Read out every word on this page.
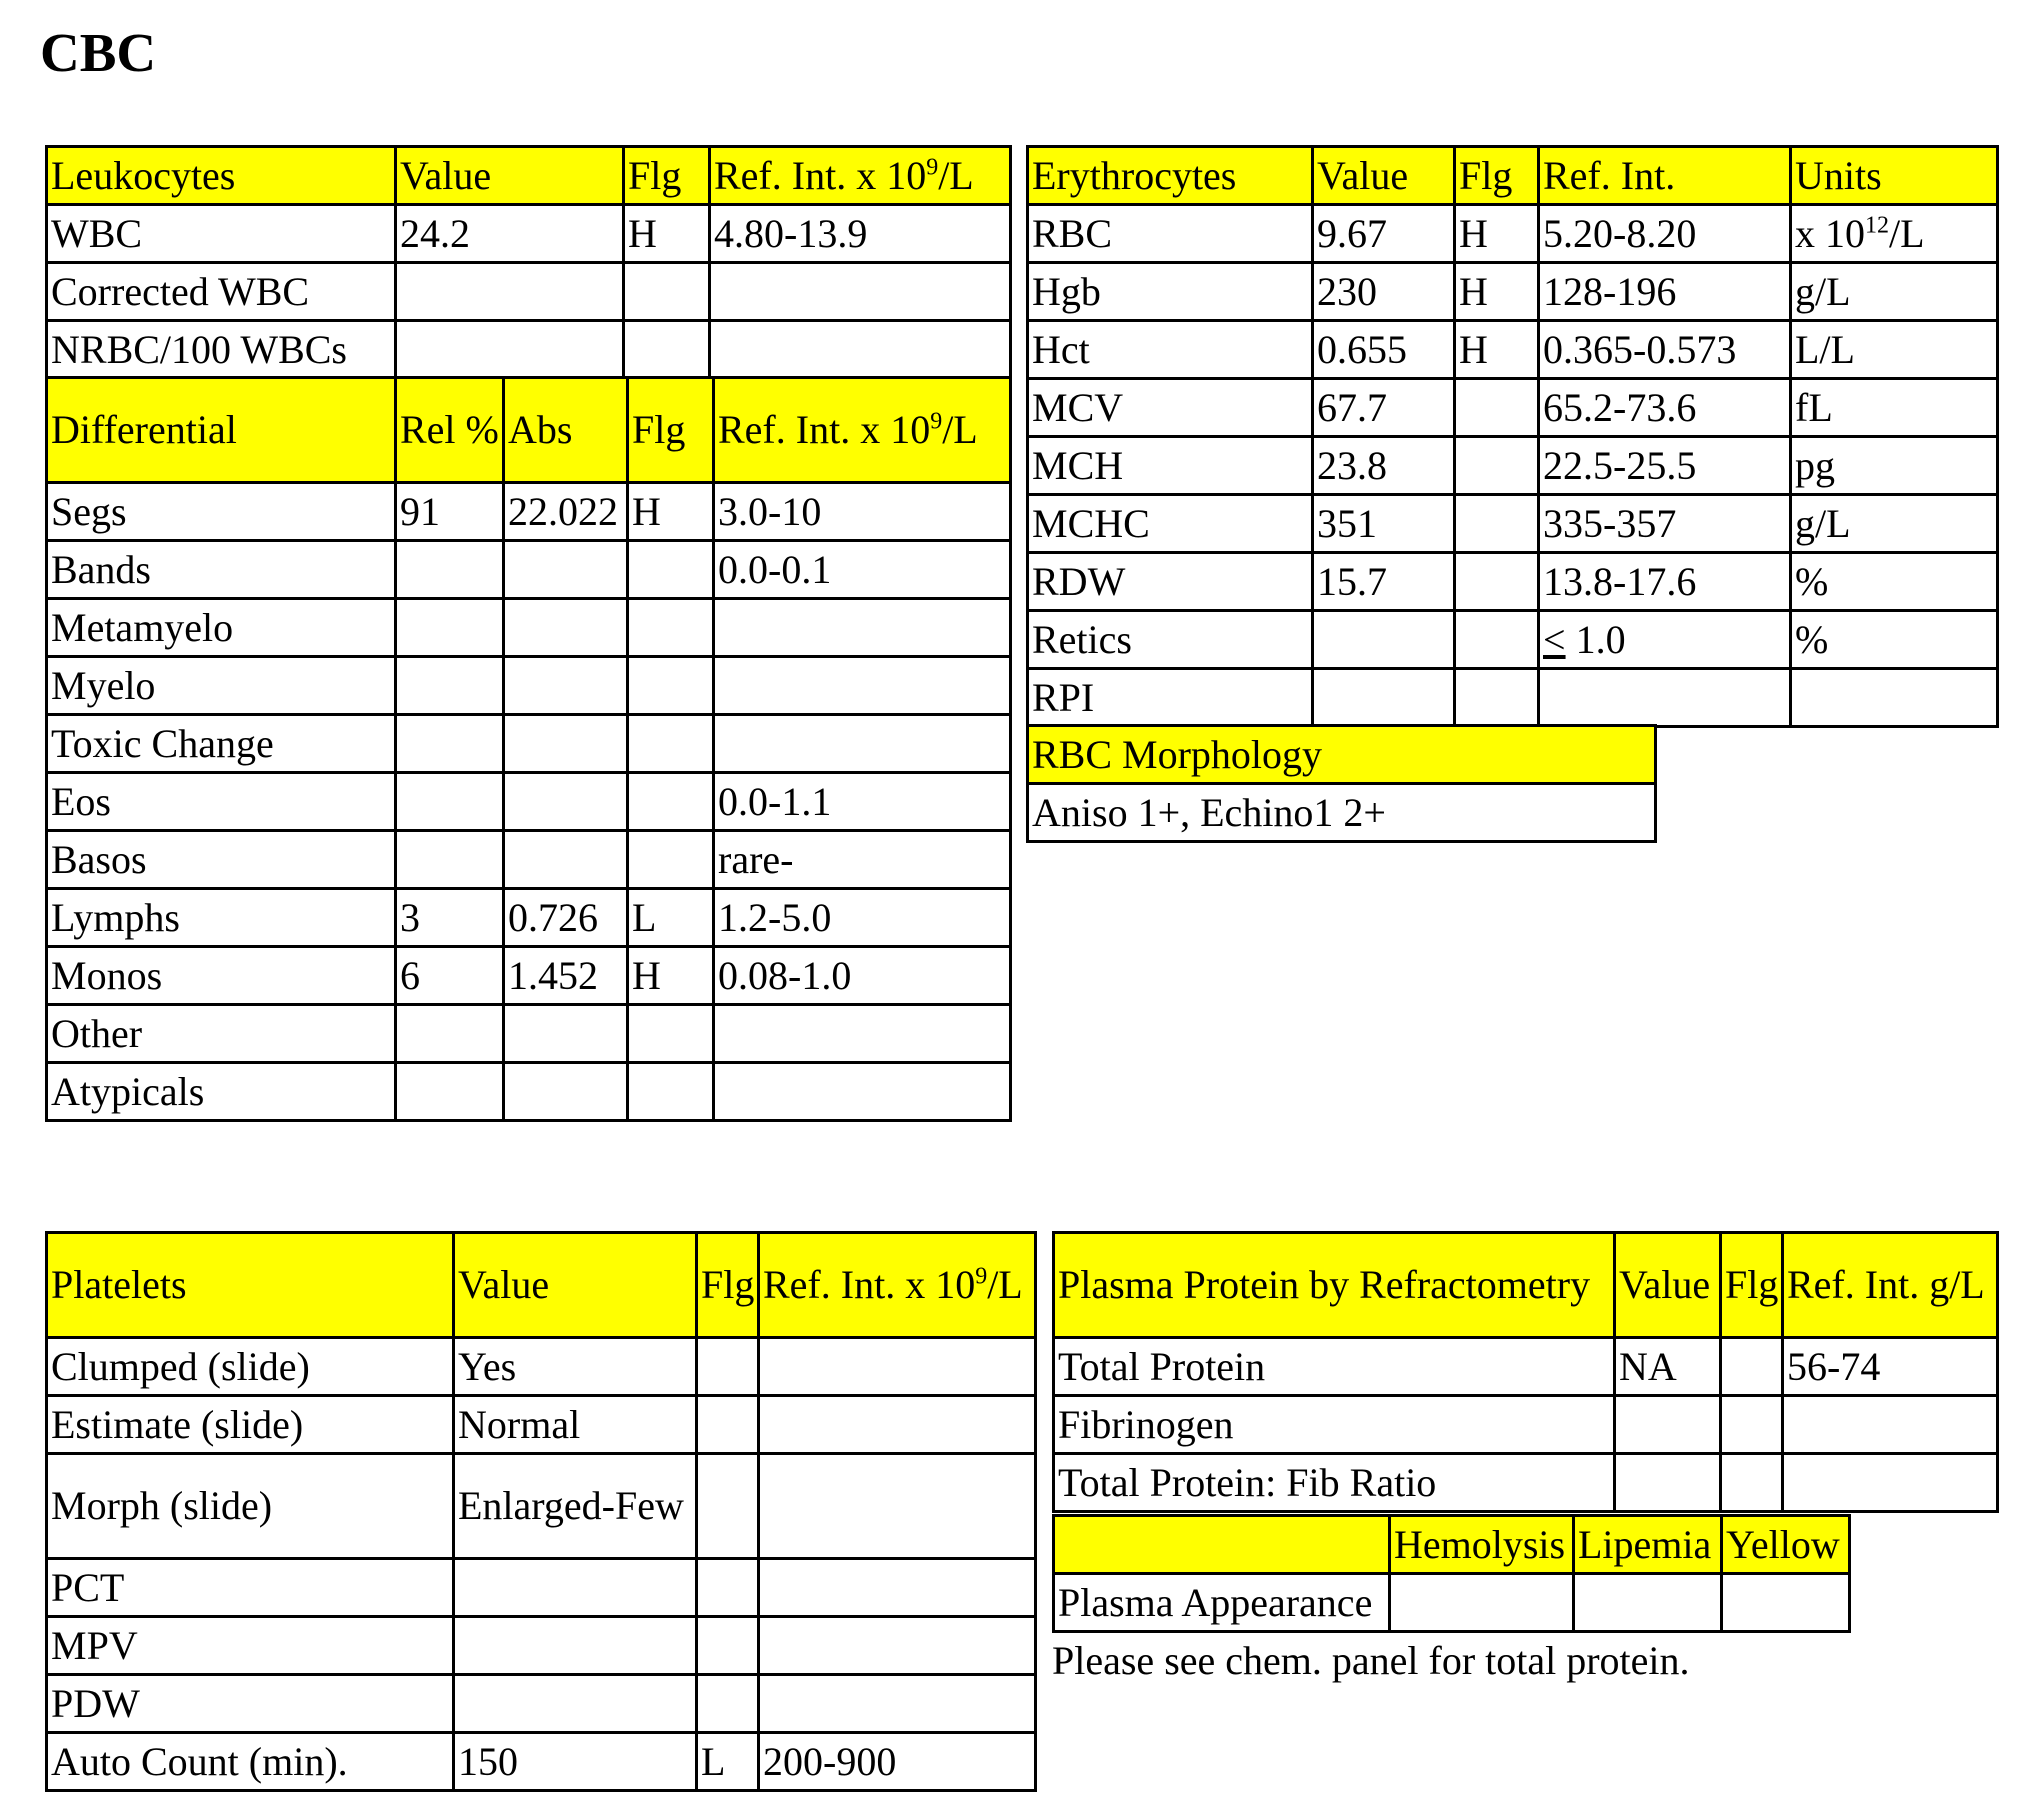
CBC
Leukocytes	Value	Flg	Ref. Int. x $10^9/L$
WBC	24.2	H	4.80-13.9
Corrected WBC			
NRBC/100 WBCs			
Differential	Rel %	Abs	Flg	Ref. Int. x $10^9/L$
Segs	91	22.022	H	3.0-10
Bands				0.0-0.1
Metamyelo				
Myelo				
Toxic Change				
Eos				0.0-1.1
Basos				rare-
Lymphs	3	0.726	L	1.2-5.0
Monos	6	1.452	H	0.08-1.0
Other				
Atypicals				
Erythrocytes	Value	Flg	Ref. Int.	Units
RBC	9.67	H	5.20-8.20	x $10^{12}/L$
Hgb	230	H	128-196	g/L
Hct	0.655	H	0.365-0.573	L/L
MCV	67.7		65.2-73.6	fL
MCH	23.8		22.5-25.5	pg
MCHC	351		335-357	g/L
RDW	15.7		13.8-17.6	%
Retics			< 1.0	%
RPI				
RBC Morphology
Aniso 1+, Echino1 2+
Platelets	Value	Flg	Ref. Int. x $10^9/L$
Clumped (slide)	Yes		
Estimate (slide)	Normal		
Morph (slide)	Enlarged-Few		
PCT			
MPV			
PDW			
Auto Count (min).	150	L	200-900
Plasma Protein by Refractometry	Value	Flg	Ref. Int. g/L
Total Protein	NA		56-74
Fibrinogen			
Total Protein: Fib Ratio			
	Hemolysis	Lipemia	Yellow
Plasma Appearance			
Please see chem. panel for total protein.
